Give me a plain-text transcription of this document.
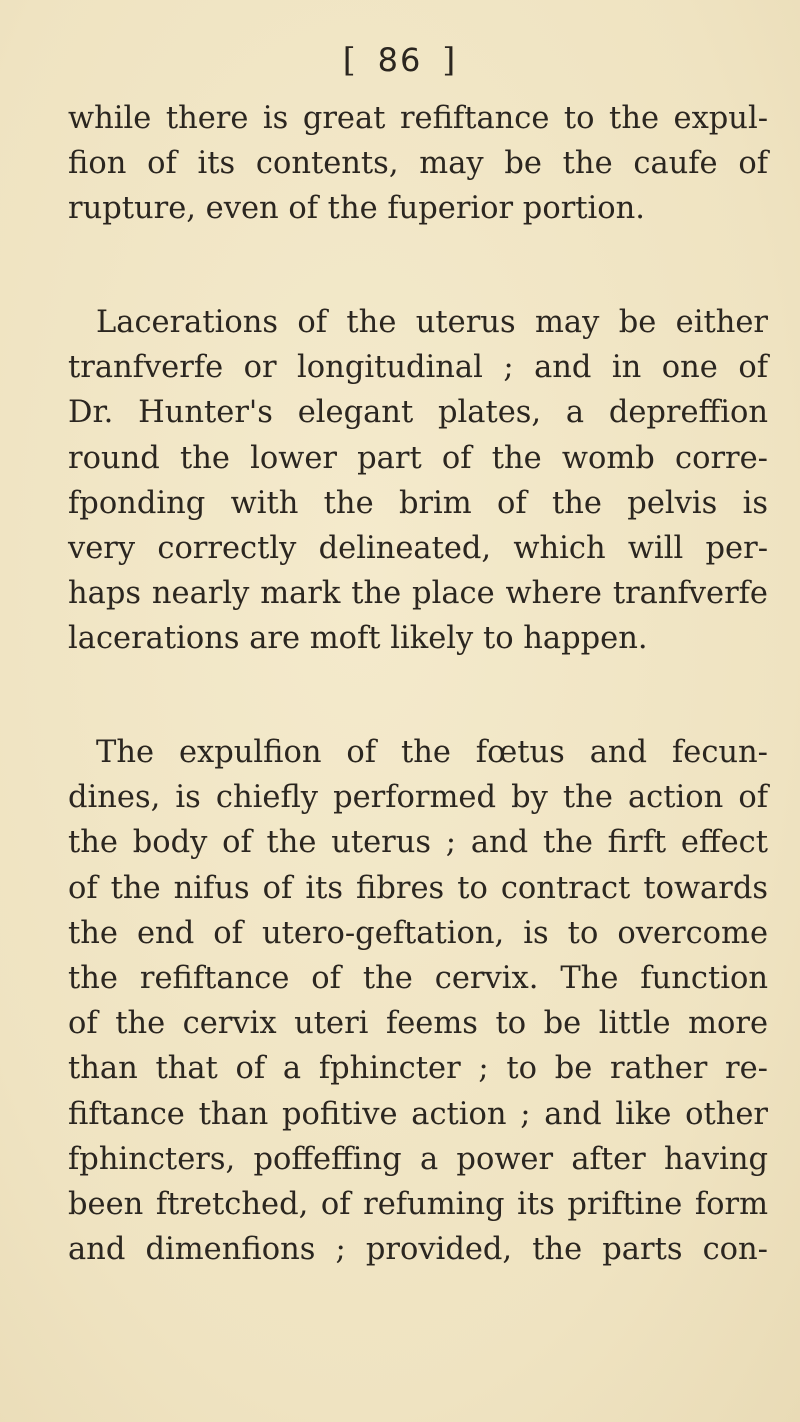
[ 86 ]
while there is great refiftance to the expul-
fion of its contents, may be the caufe of
rupture, even of the fuperior portion.
Lacerations of the uterus may be either
tranfverfe or longitudinal ; and in one of
Dr. Hunter's elegant plates, a depreffion
round the lower part of the womb corre-
fponding with the brim of the pelvis is
very correctly delineated, which will per-
haps nearly mark the place where tranfverfe
lacerations are moft likely to happen.
The expulfion of the fœtus and fecun-
dines, is chiefly performed by the action of
the body of the uterus ; and the firft effect
of the nifus of its fibres to contract towards
the end of utero-geftation, is to overcome
the refiftance of the cervix. The function
of the cervix uteri feems to be little more
than that of a fphincter ; to be rather re-
fiftance than pofitive action ; and like other
fphincters, poffeffing a power after having
been ftretched, of refuming its priftine form
and dimenfions ; provided, the parts con-
